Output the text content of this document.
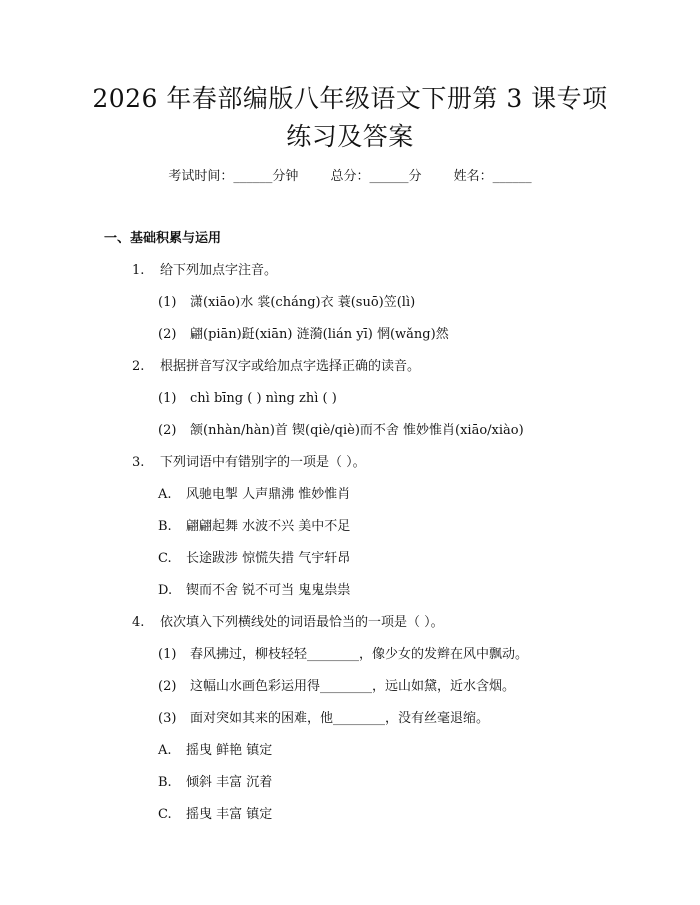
2026 年春部编版八年级语文下册第 3 课专项
练习及答案
考试时间：______分钟 总分：______分 姓名：______
一、基础积累与运用
1. 给下列加点字注音。
(1) 潇(xiāo)水 裳(cháng)衣 蓑(suō)笠(lì)
(2) 翩(piān)跹(xiān) 涟漪(lián yī) 惘(wǎng)然
2. 根据拼音写汉字或给加点字选择正确的读音。
(1) chì bīng ( ) nìng zhì ( )
(2) 颔(nhàn/hàn)首 锲(qiè/qiè)而不舍 惟妙惟肖(xiāo/xiào)
3. 下列词语中有错别字的一项是（ ）。
A. 风驰电掣 人声鼎沸 惟妙惟肖
B. 翩翩起舞 水波不兴 美中不足
C. 长途跋涉 惊慌失措 气宇轩昂
D. 锲而不舍 锐不可当 鬼鬼祟祟
4. 依次填入下列横线处的词语最恰当的一项是（ ）。
(1) 春风拂过，柳枝轻轻________，像少女的发辫在风中飘动。
(2) 这幅山水画色彩运用得________，远山如黛，近水含烟。
(3) 面对突如其来的困难，他________，没有丝毫退缩。
A. 摇曳 鲜艳 镇定
B. 倾斜 丰富 沉着
C. 摇曳 丰富 镇定
